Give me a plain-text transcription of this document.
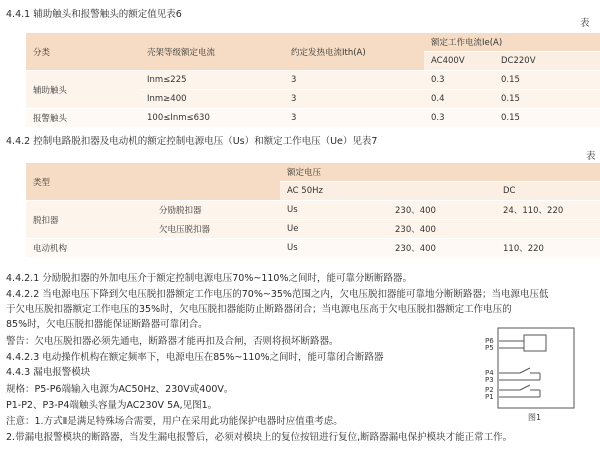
4.4.1 辅助触头和报警触头的额定值见表6
表
分类	壳架等级额定电流	约定发热电流Ith(A)	额定工作电流Ie(A)	
			AC400V	DC220V
辅助触头	Inm≤225	3	0.3	0.15
	Inm≥400	3	0.4	0.15
报警触头	100≤Inm≤630	3	0.3	0.15
4.4.2 控制电路脱扣器及电动机的额定控制电源电压（Us）和额定工作电压（Ue）见表7
表
类型		额定电压		
		AC 50Hz		DC
脱扣器	分励脱扣器	Us	230、400	24、110、220
	欠电压脱扣器	Ue	230、400	
电动机构		Us	230、400	110、220
4.4.2.1 分励脱扣器的外加电压介于额定控制电源电压70%~110%之间时，能可靠分断断路器。
4.4.2.2 当电源电压下降到欠电压脱扣器额定工作电压的70%~35%范围之内，欠电压脱扣器能可靠地分断断路器；当电源电压低
于欠电压脱扣器额定工作电压的35%时，欠电压脱扣器能防止断路器闭合；当电源电压高于欠电压脱扣器额定工作电压的
85%时，欠电压脱扣器能保证断路器可靠闭合。
警告：欠电压脱扣器必须先通电，断路器才能再扣及合闸，否则将损坏断路器。
4.4.2.3 电动操作机构在额定频率下，电源电压在85%~110%之间时，能可靠闭合断路器
4.4.3 漏电报警模块
规格：P5-P6端输入电源为AC50Hz、230V或400V。
P1-P2、P3-P4端触头容量为AC230V 5A,见图1。
注意：1.方式Ⅱ是满足特殊场合需要，用户在采用此功能保护电器时应值重考虑。
2.带漏电报警模块的断路器，当发生漏电报警后，必须对模块上的复位按钮进行复位,断路器漏电保护模块才能正常工作。
P6
P5
P4
P3
P2
P1
图1
